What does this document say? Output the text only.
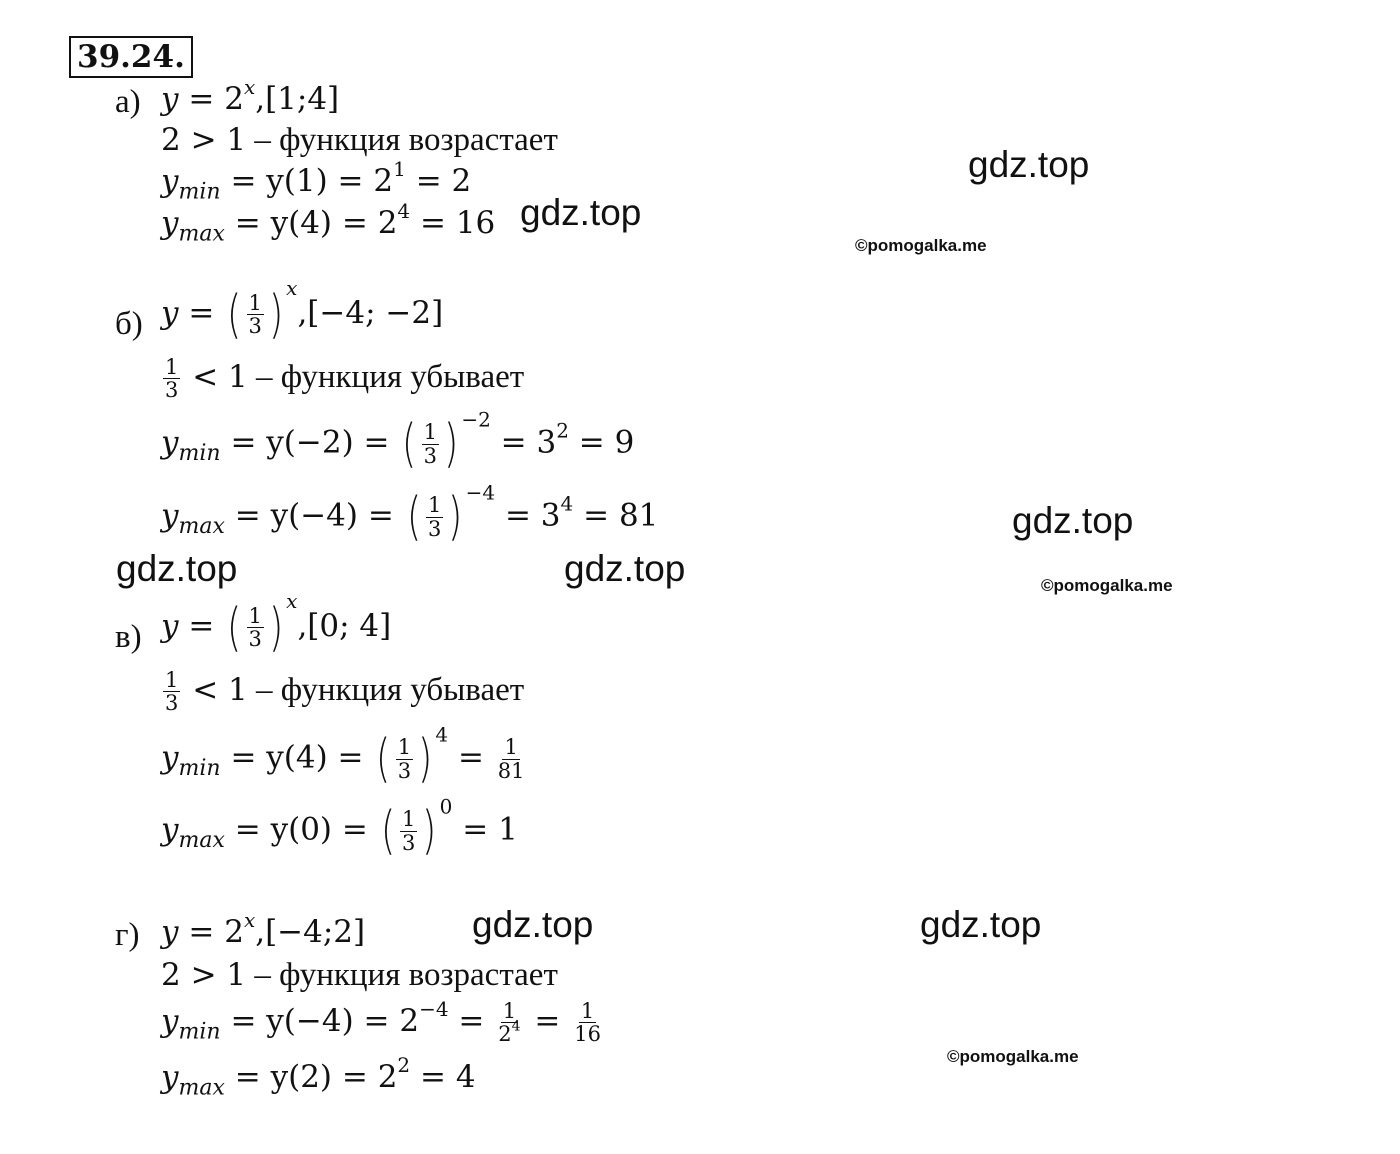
39.24.
а) $y = 2^x,[1;4]$
2 > 1 – функция возрастает
$y_{min} = y(1) = 2^1 = 2$
$y_{max} = y(4) = 2^4 = 16$
б) y = ( $\frac{1}{3}$ ) $^x$,[−4; −2]
$\frac{1}{3} < 1$ – функция убывает
$y_{min} = y(-2)$ = ( $\frac{1}{3}$ ) $^{-2} = 3^2 = 9$
$y_{max} = y(-4)$ = ( $\frac{1}{3}$ ) $^{-4} = 3^4 = 81$
в) y = ( $\frac{1}{3}$ ) $^x$,[0; 4]
$\frac{1}{3} < 1$ – функция убывает
$y_{min} = y(4)$ = ( $\frac{1}{3}$ ) $^4 = \frac{1}{81}$
$y_{max} = y(0)$ = ( $\frac{1}{3}$ ) $^0$ = 1
г) $y = 2^x,[-4;2]$
2 > 1 – функция возрастает
$y_{min} = y(-4) = 2^{-4} = \frac{1}{2^4} = \frac{1}{16}$
$y_{max} = y(2) = 2^2 = 4$
gdz.top
gdz.top
©pomogalka.me
gdz.top
gdz.top	gdz.top	©pomogalka.me
gdz.top	gdz.top
©pomogalka.me
